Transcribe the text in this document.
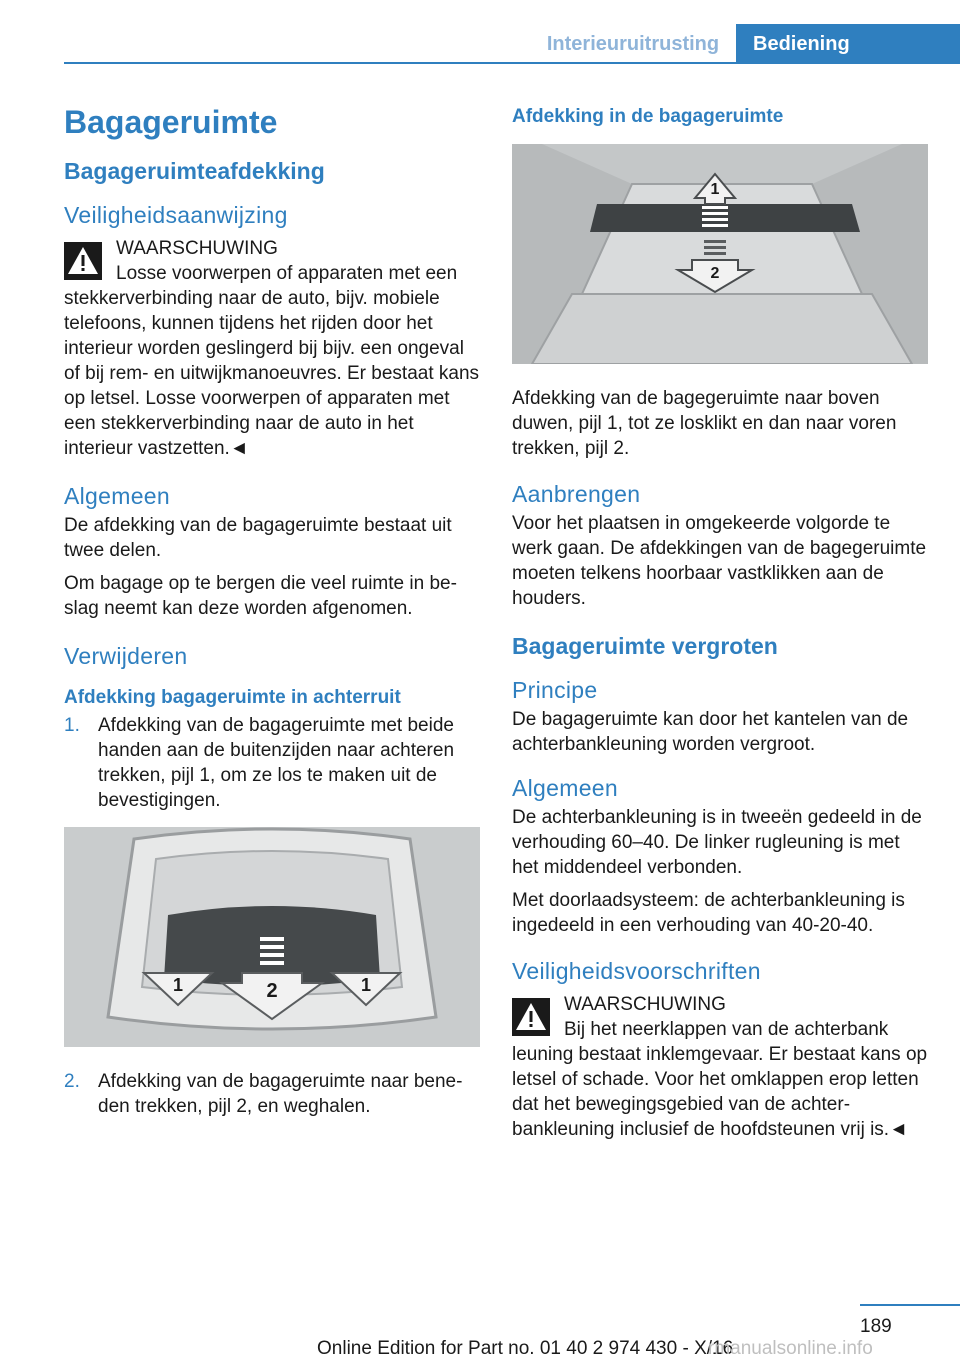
Interieuruitrusting	Bediening
Bagageruimte
Bagageruimteafdekking
Veiligheidsaanwijzing
WAARSCHUWING
Losse voorwerpen of apparaten met een
stekkerverbinding naar de auto, bijv. mobiele telefoons, kunnen tijdens het rijden door het interieur worden geslingerd bij bijv. een ongeval of bij rem- en uitwijkmanoeuvres. Er bestaat kans op letsel. Losse voorwerpen of apparaten met een stekkerverbinding naar de auto in het interieur vastzetten.◄
Algemeen

De afdekking van de bagageruimte bestaat uit twee delen.

Om bagage op te bergen die veel ruimte in beslag neemt kan deze worden afgenomen.

Verwijderen
Afdekking bagageruimte in achterruit
1. Afdekking van de bagageruimte met beide handen aan de buitenzijden naar achteren trekken, pijl 1, om ze los te maken uit de bevestigingen.
1	2	1
2. Afdekking van de bagageruimte naar beneden trekken, pijl 2, en weghalen.
Afdekking in de bagageruimte
1
2

Afdekking van de bagegeruimte naar boven duwen, pijl 1, tot ze losklikt en dan naar voren trekken, pijl 2.

Aanbrengen

Voor het plaatsen in omgekeerde volgorde te werk gaan. De afdekkingen van de bagegeruimte moeten telkens hoorbaar vastklikken aan de houders.

Bagageruimte vergroten
Principe

De bagageruimte kan door het kantelen van de achterbankleuning worden vergroot.

Algemeen

De achterbankleuning is in tweeën gedeeld in de verhouding 60–40. De linker rugleuning is met het middendeel verbonden.

Met doorlaadsysteem: de achterbankleuning is ingedeeld in een verhouding van 40-20-40.

Veiligheidsvoorschriften
WAARSCHUWING
Bij het neerklappen van de achterbank
leuning bestaat inklemgevaar. Er bestaat kans op letsel of schade. Voor het omklappen erop letten dat het bewegingsgebied van de achterbankleuning inclusief de hoofdsteunen vrij is.◄
189
Online Edition for Part no. 01 40 2 974 430 - X/16
rmanualsonline.info
